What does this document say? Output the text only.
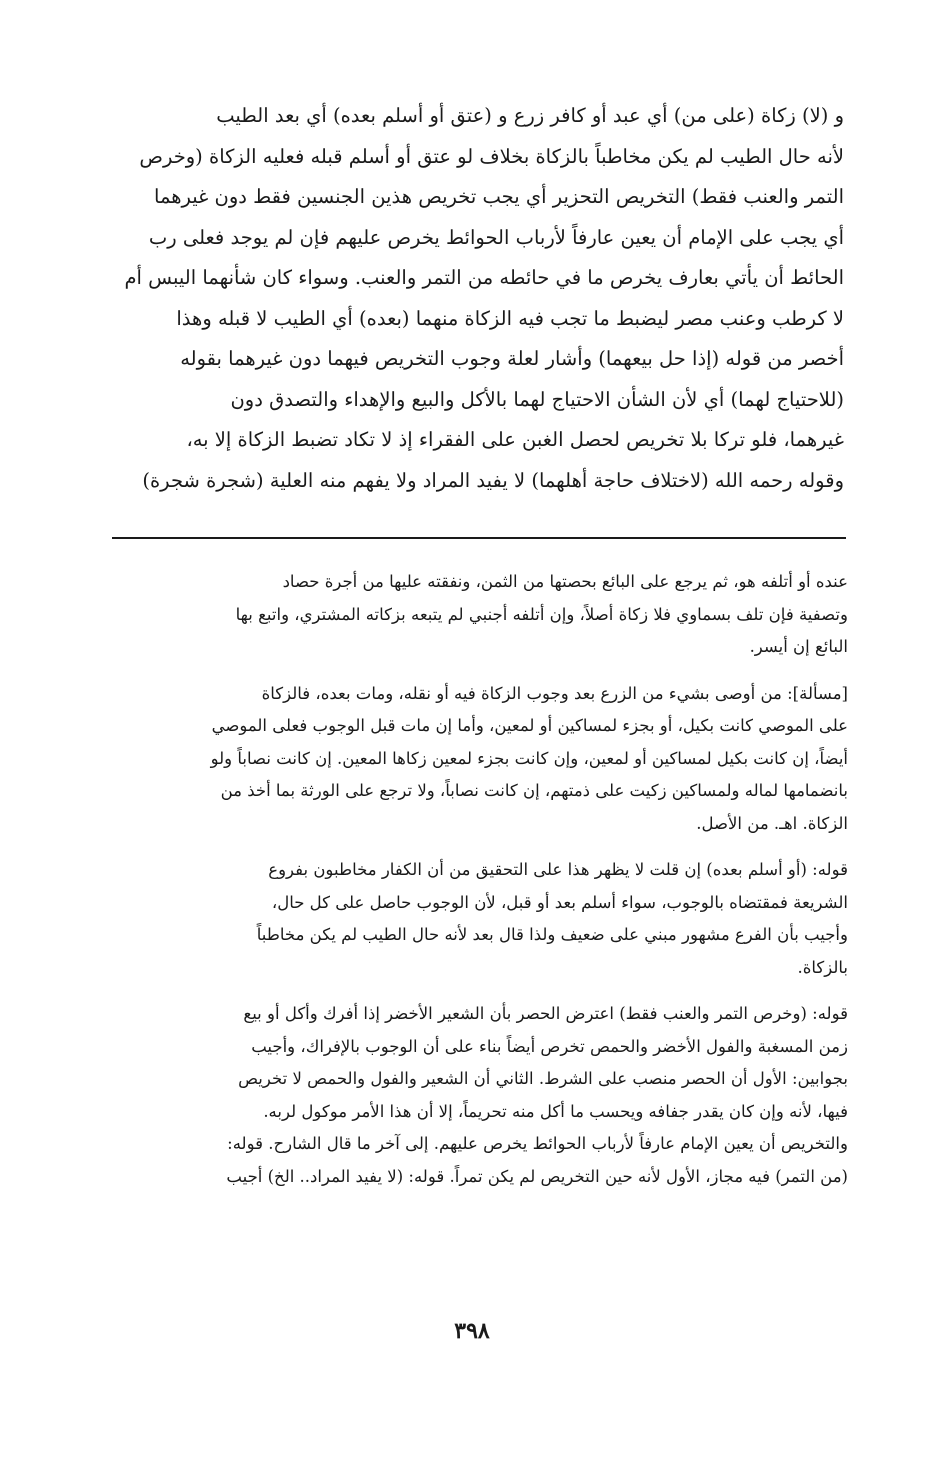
و (لا) زكاة (على من) أي عبد أو كافر زرع و (عتق أو أسلم بعده) أي بعد الطيب
لأنه حال الطيب لم يكن مخاطباً بالزكاة بخلاف لو عتق أو أسلم قبله فعليه الزكاة (وخرص
التمر والعنب فقط) التخريص التحزير أي يجب تخريص هذين الجنسين فقط دون غيرهما
أي يجب على الإمام أن يعين عارفاً لأرباب الحوائط يخرص عليهم فإن لم يوجد فعلى رب
الحائط أن يأتي بعارف يخرص ما في حائطه من التمر والعنب. وسواء كان شأنهما اليبس أم
لا كرطب وعنب مصر ليضبط ما تجب فيه الزكاة منهما (بعده) أي الطيب لا قبله وهذا
أخصر من قوله (إذا حل بيعهما) وأشار لعلة وجوب التخريص فيهما دون غيرهما بقوله
(للاحتياج لهما) أي لأن الشأن الاحتياج لهما بالأكل والبيع والإهداء والتصدق دون
غيرهما، فلو تركا بلا تخريص لحصل الغبن على الفقراء إذ لا تكاد تضبط الزكاة إلا به،
وقوله رحمه الله (لاختلاف حاجة أهلهما) لا يفيد المراد ولا يفهم منه العلية (شجرة شجرة)
عنده أو أتلفه هو، ثم يرجع على البائع بحصتها من الثمن، ونفقته عليها من أجرة حصاد
وتصفية فإن تلف بسماوي فلا زكاة أصلاً، وإن أتلفه أجنبي لم يتبعه بزكاته المشتري، واتبع بها
البائع إن أيسر.
[مسألة]: من أوصى بشيء من الزرع بعد وجوب الزكاة فيه أو نقله، ومات بعده، فالزكاة
على الموصي كانت بكيل، أو بجزء لمساكين أو لمعين، وأما إن مات قبل الوجوب فعلى الموصي
أيضاً، إن كانت بكيل لمساكين أو لمعين، وإن كانت بجزء لمعين زكاها المعين. إن كانت نصاباً ولو
بانضمامها لماله ولمساكين زكيت على ذمتهم، إن كانت نصاباً، ولا ترجع على الورثة بما أخذ من
الزكاة. اهـ. من الأصل.
قوله: (أو أسلم بعده) إن قلت لا يظهر هذا على التحقيق من أن الكفار مخاطبون بفروع
الشريعة فمقتضاه بالوجوب، سواء أسلم بعد أو قبل، لأن الوجوب حاصل على كل حال،
وأجيب بأن الفرع مشهور مبني على ضعيف ولذا قال بعد لأنه حال الطيب لم يكن مخاطباً
بالزكاة.
قوله: (وخرص التمر والعنب فقط) اعترض الحصر بأن الشعير الأخضر إذا أفرك وأكل أو بيع
زمن المسغبة والفول الأخضر والحمص تخرص أيضاً بناء على أن الوجوب بالإفراك، وأجيب
بجوابين: الأول أن الحصر منصب على الشرط. الثاني أن الشعير والفول والحمص لا تخريص
فيها، لأنه وإن كان يقدر جفافه ويحسب ما أكل منه تحريماً، إلا أن هذا الأمر موكول لربه.
والتخريص أن يعين الإمام عارفاً لأرباب الحوائط يخرص عليهم. إلى آخر ما قال الشارح. قوله:
(من التمر) فيه مجاز، الأول لأنه حين التخريص لم يكن تمراً. قوله: (لا يفيد المراد.. الخ) أجيب
٣٩٨
